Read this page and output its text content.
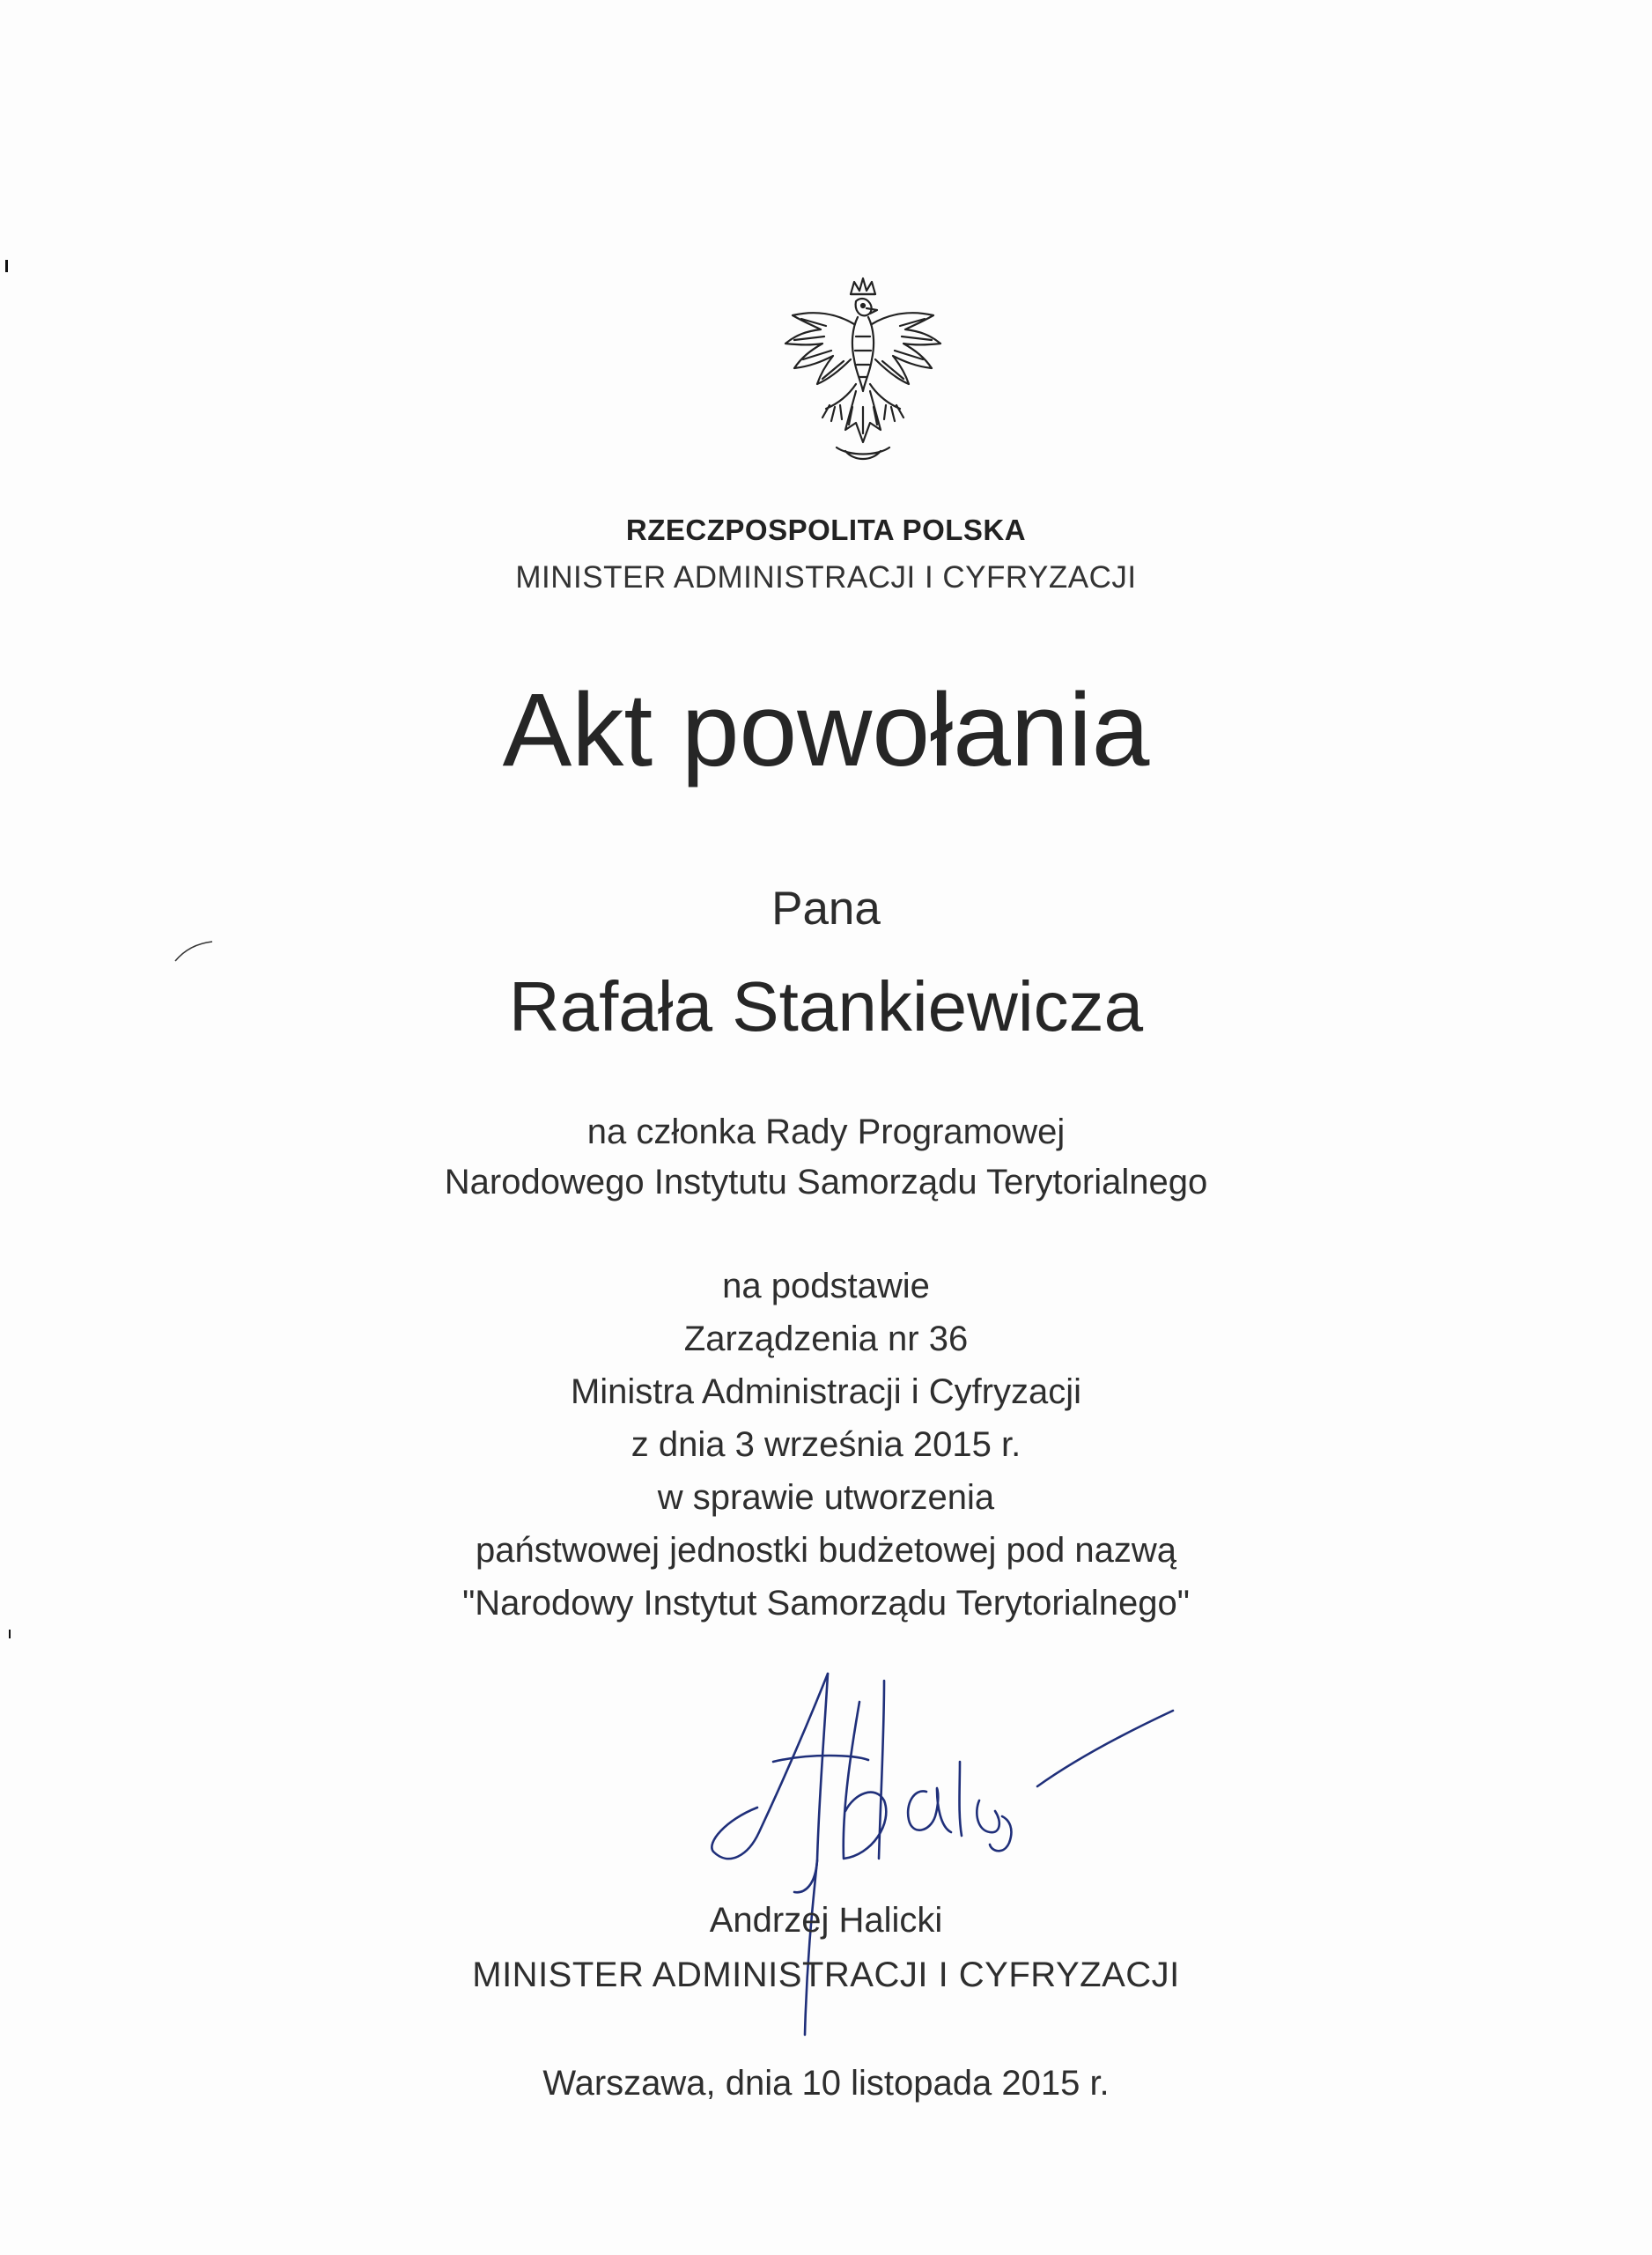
RZECZPOSPOLITA POLSKA
MINISTER ADMINISTRACJI I CYFRYZACJI
Akt powołania
Pana
Rafała Stankiewicza
na członka Rady Programowej
Narodowego Instytutu Samorządu Terytorialnego
na podstawie
Zarządzenia nr 36
Ministra Administracji i Cyfryzacji
z dnia 3 września 2015 r.
w sprawie utworzenia
państwowej jednostki budżetowej pod nazwą
"Narodowy Instytut Samorządu Terytorialnego"
Andrzej Halicki
MINISTER ADMINISTRACJI I CYFRYZACJI
Warszawa, dnia 10 listopada 2015 r.
